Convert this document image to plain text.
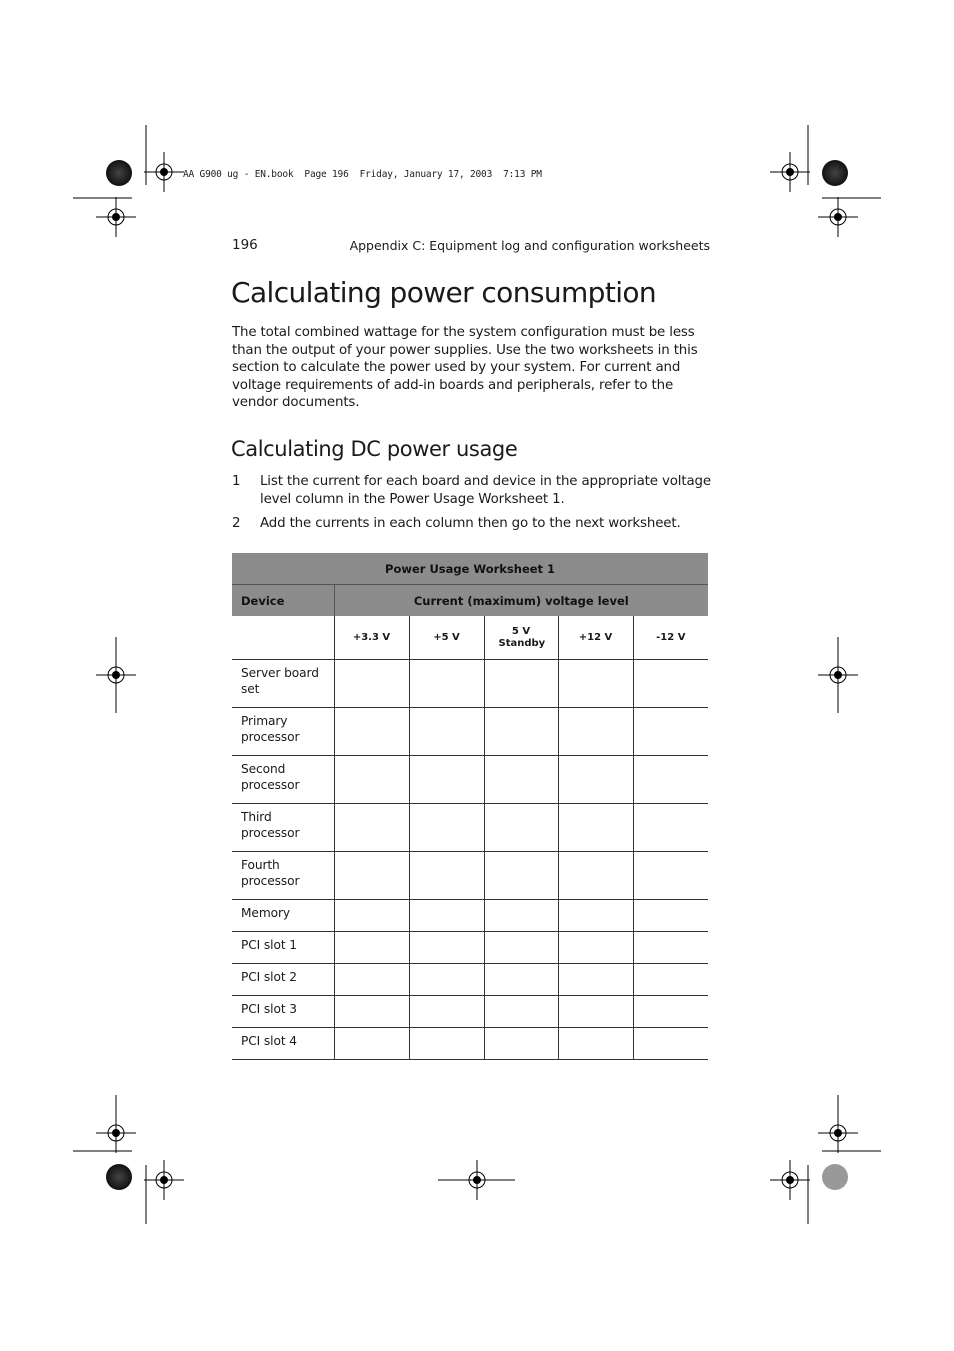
AA G900 ug - EN.book  Page 196  Friday, January 17, 2003  7:13 PM
196	Appendix C: Equipment log and configuration worksheets
Calculating power consumption

The total combined wattage for the system configuration must be less than the output of your power supplies. Use the two worksheets in this section to calculate the power used by your system. For current and voltage requirements of add-in boards and peripherals, refer to the vendor documents.

Calculating DC power usage
1	List the current for each board and device in the appropriate voltage level column in the Power Usage Worksheet 1.
2	Add the currents in each column then go to the next worksheet.
Power Usage Worksheet 1					
Device	Current (maximum) voltage level				
	+3.3 V	+5 V	5 V Standby	+12 V	-12 V
Server board set					
Primary processor					
Second processor					
Third processor					
Fourth processor					
Memory					
PCI slot 1					
PCI slot 2					
PCI slot 3					
PCI slot 4					
